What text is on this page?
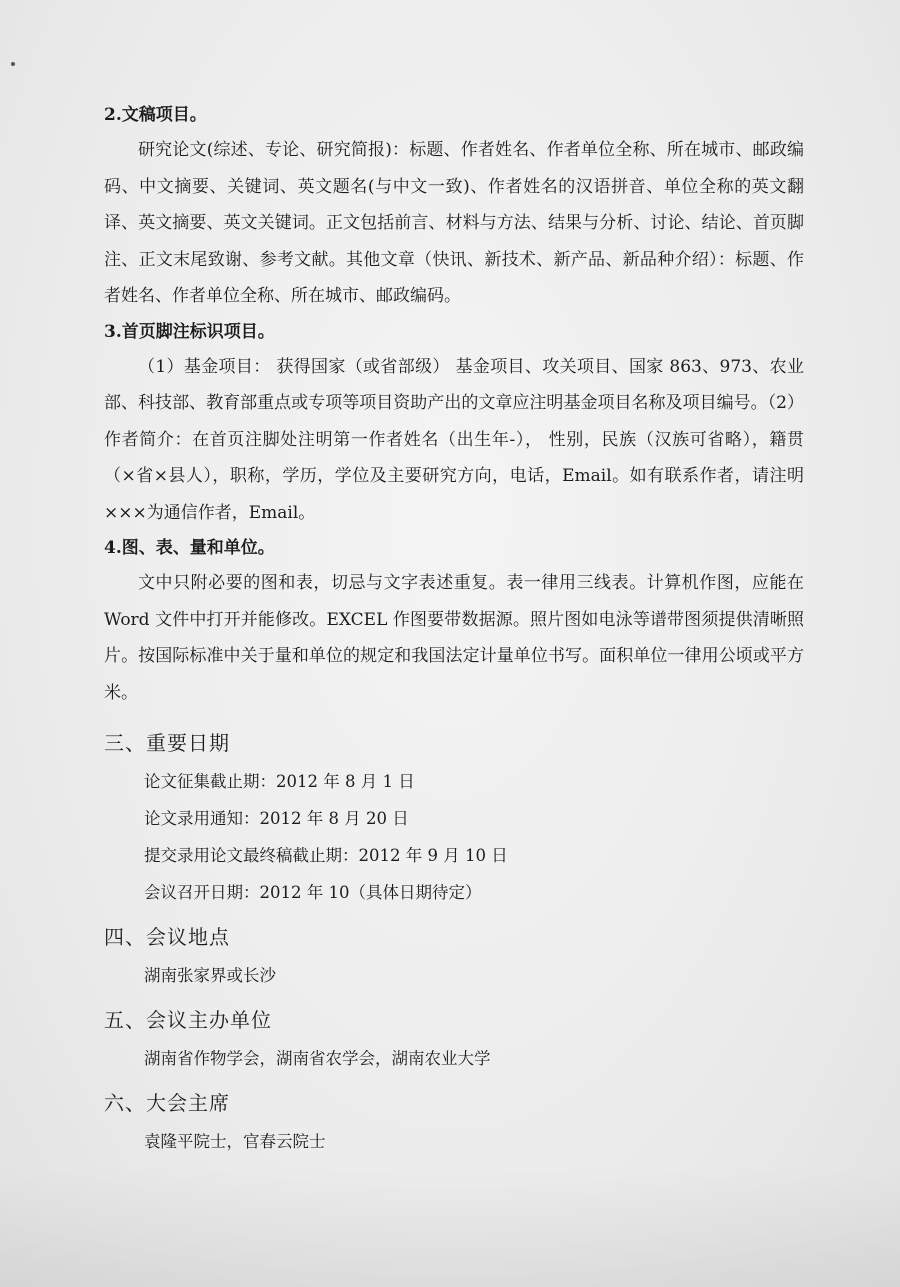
2.文稿项目。
研究论文(综述、专论、研究简报)：标题、作者姓名、作者单位全称、所在城市、邮政编码、中文摘要、关键词、英文题名(与中文一致)、作者姓名的汉语拼音、单位全称的英文翻译、英文摘要、英文关键词。正文包括前言、材料与方法、结果与分析、讨论、结论、首页脚注、正文末尾致谢、参考文献。其他文章（快讯、新技术、新产品、新品种介绍）：标题、作者姓名、作者单位全称、所在城市、邮政编码。
3.首页脚注标识项目。
（1）基金项目： 获得国家（或省部级） 基金项目、攻关项目、国家 863、973、农业部、科技部、教育部重点或专项等项目资助产出的文章应注明基金项目名称及项目编号。（2）作者简介：在首页注脚处注明第一作者姓名（出生年-）， 性别，民族（汉族可省略），籍贯（×省×县人），职称，学历，学位及主要研究方向，电话，Email。如有联系作者，请注明×××为通信作者，Email。
4.图、表、量和单位。
文中只附必要的图和表，切忌与文字表述重复。表一律用三线表。计算机作图，应能在 Word 文件中打开并能修改。EXCEL 作图要带数据源。照片图如电泳等谱带图须提供清晰照片。按国际标准中关于量和单位的规定和我国法定计量单位书写。面积单位一律用公顷或平方米。
三、重要日期
论文征集截止期：2012 年 8 月 1 日
论文录用通知：2012 年 8 月 20 日
提交录用论文最终稿截止期：2012 年 9 月 10 日
会议召开日期：2012 年 10（具体日期待定）
四、会议地点
湖南张家界或长沙
五、会议主办单位
湖南省作物学会，湖南省农学会，湖南农业大学
六、大会主席
袁隆平院士，官春云院士
